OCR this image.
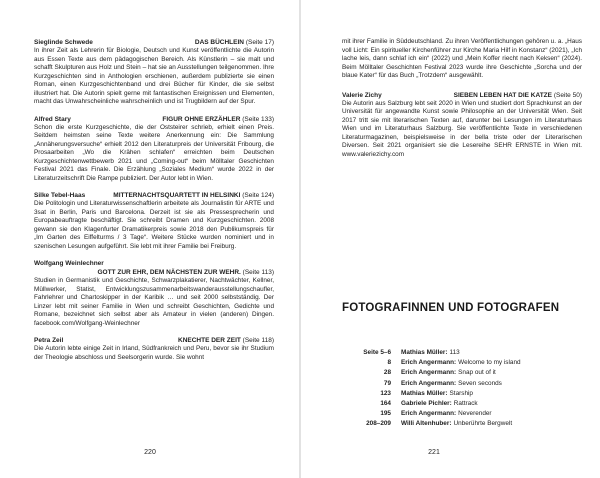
Sieglinde Schwede	DAS BÜCHLEIN (Seite 17)

In ihrer Zeit als Lehrerin für Biologie, Deutsch und Kunst veröffentlichte die Autorin aus Essen Texte aus dem pädagogischen Bereich. Als Künstlerin – sie malt und schafft Skulpturen aus Holz und Stein – hat sie an Ausstellungen teilgenommen. Ihre Kurzgeschichten sind in Anthologien erschienen, außerdem publizierte sie einen Roman, einen Kurzgeschichtenband und drei Bücher für Kinder, die sie selbst illustriert hat. Die Autorin spielt gerne mit fantastischen Ereignissen und Elementen, macht das Unwahrscheinliche wahrscheinlich und ist Trugbildern auf der Spur.

Alfred Stary	FIGUR OHNE ERZÄHLER (Seite 133)

Schon die erste Kurzgeschichte, die der Oststeirer schrieb, erhielt einen Preis. Seitdem heimsten seine Texte weitere Anerkennung ein: Die Sammlung „Annäherungsversuche“ erhielt 2012 den Literaturpreis der Universität Fribourg, die Prosaarbeiten „Wo die Krähen schlafen“ erreichten beim Deutschen Kurzgeschichtenwettbewerb 2021 und „Coming-out“ beim Mölltaler Geschichten Festival 2021 das Finale. Die Erzählung „Soziales Medium“ wurde 2022 in der Literaturzeitschrift Die Rampe publiziert. Der Autor lebt in Wien.

Silke Tebel-Haas	MITTERNACHTSQUARTETT IN HELSINKI (Seite 124)

Die Politologin und Literaturwissenschaftlerin arbeitete als Journalistin für ARTE und 3sat in Berlin, Paris und Barcelona. Derzeit ist sie als Pressesprecherin und Europabeauftragte beschäftigt. Sie schreibt Dramen und Kurzgeschichten. 2008 gewann sie den Klagenfurter Dramatikerpreis sowie 2018 den Publikumspreis für „Im Garten des Eiffelturms / 3 Tage“. Weitere Stücke wurden nominiert und in szenischen Lesungen aufgeführt. Sie lebt mit ihrer Familie bei Freiburg.

Wolfgang Weinlechner
GOTT ZUR EHR, DEM NÄCHSTEN ZUR WEHR. (Seite 113)

Studien in Germanistik und Geschichte, Schwarzplakatierer, Nachtwächter, Kellner, Müllwerker, Statist, Entwicklungszusammenarbeitswanderausstellungschaufler, Fahrlehrer und Chartoskipper in der Karibik … und seit 2000 selbstständig. Der Linzer lebt mit seiner Familie in Wien und schreibt Geschichten, Gedichte und Romane, bezeichnet sich selbst aber als Amateur in vielen (anderen) Dingen. facebook.com/Wolfgang-Weinlechner

Petra Zeil	KNECHTE DER ZEIT (Seite 118)

Die Autorin lebte einige Zeit in Irland, Südfrankreich und Peru, bevor sie ihr Studium der Theologie abschloss und Seelsorgerin wurde. Sie wohnt

220

mit ihrer Familie in Süddeutschland. Zu ihren Veröffentlichungen gehören u. a. „Haus voll Licht: Ein spiritueller Kirchenführer zur Kirche Maria Hilf in Konstanz“ (2021), „Ich lache leis, dann schlaf ich ein“ (2022) und „Mein Koffer riecht nach Keksen“ (2024). Beim Mölltaler Geschichten Festival 2023 wurde ihre Geschichte „Sorcha und der blaue Kater“ für das Buch „Trotzdem“ ausgewählt.

Valerie Zichy	SIEBEN LEBEN HAT DIE KATZE (Seite 50)

Die Autorin aus Salzburg lebt seit 2020 in Wien und studiert dort Sprachkunst an der Universität für angewandte Kunst sowie Philosophie an der Universität Wien. Seit 2017 tritt sie mit literarischen Texten auf, darunter bei Lesungen im Literaturhaus Wien und im Literaturhaus Salzburg. Sie veröffentlichte Texte in verschiedenen Literaturmagazinen, beispielsweise in der bella triste oder der Literarischen Diversen. Seit 2021 organisiert sie die Lesereihe SEHR ERNSTE in Wien mit. www.valeriezichy.com

FOTOGRAFINNEN UND FOTOGRAFEN
Seite 5–6	Mathias Müller: 113
8	Erich Angermann: Welcome to my island
28	Erich Angermann: Snap out of it
79	Erich Angermann: Seven seconds
123	Mathias Müller: Starship
164	Gabriele Pichler: Rattrack
195	Erich Angermann: Neverender
208–209	Willi Altenhuber: Unberührte Bergwelt
221
